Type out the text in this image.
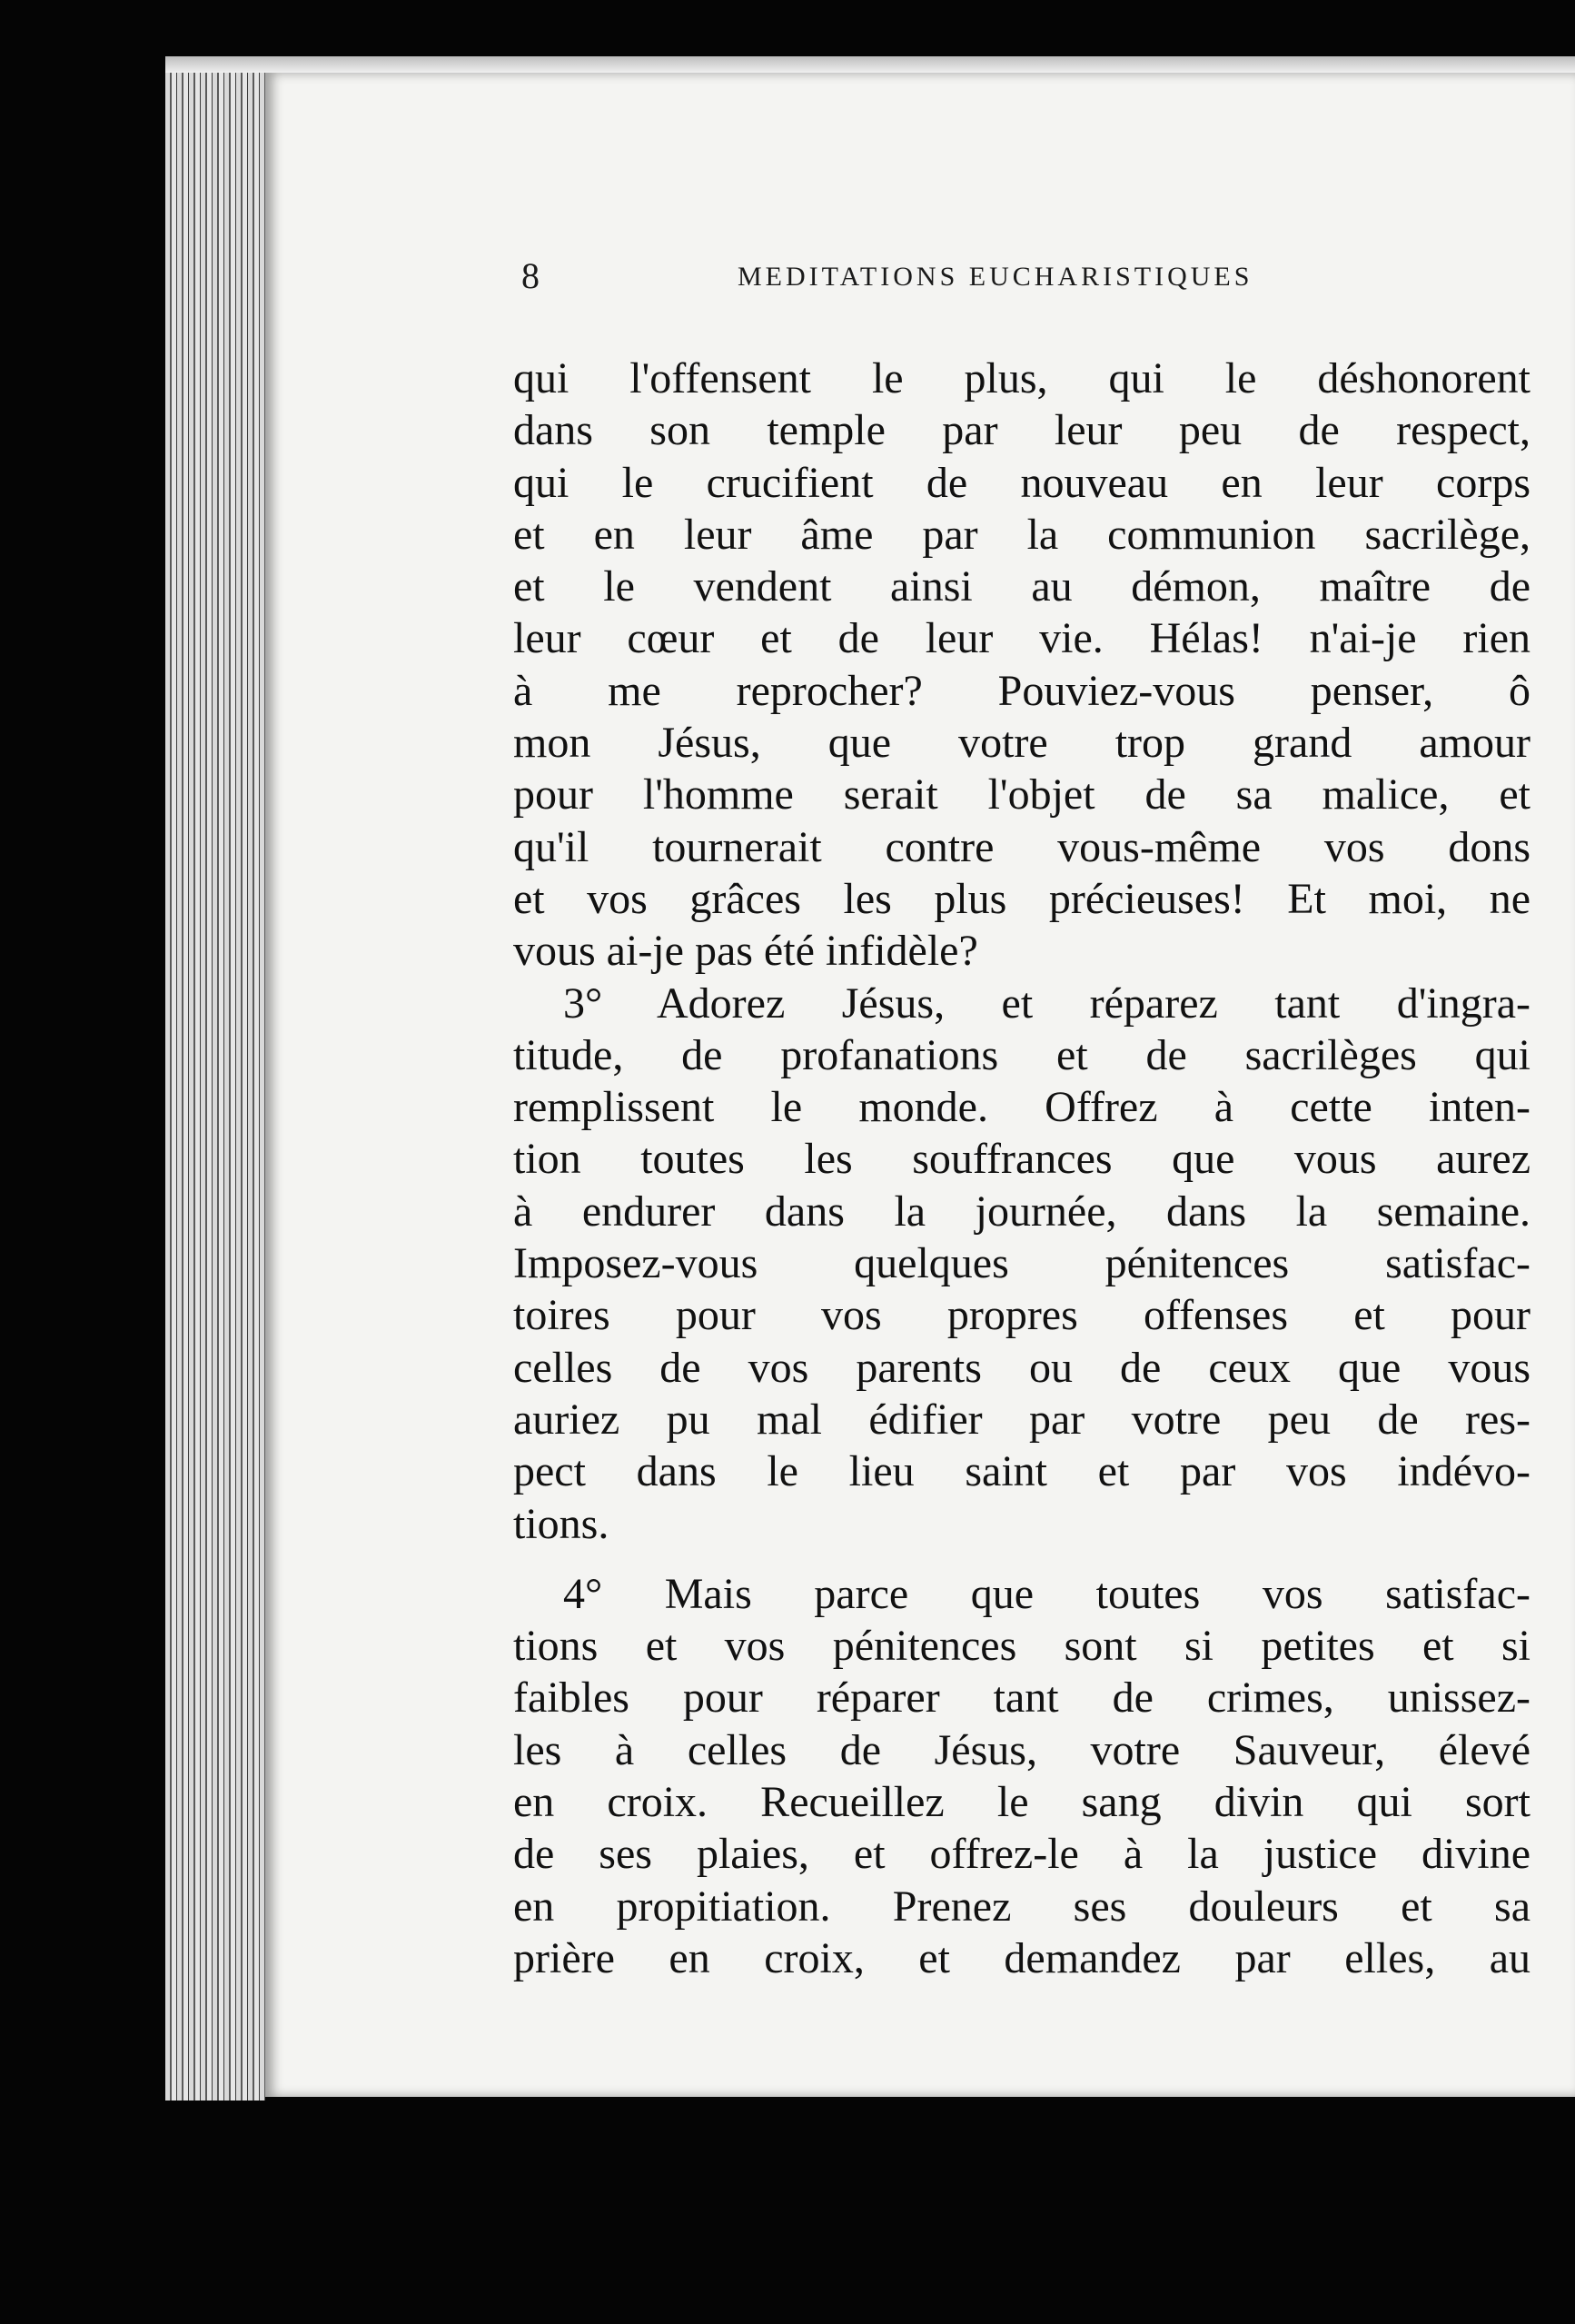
8	MEDITATIONS EUCHARISTIQUES
qui l'offensent le plus, qui le déshonorent
dans son temple par leur peu de respect,
qui le crucifient de nouveau en leur corps
et en leur âme par la communion sacrilège,
et le vendent ainsi au démon, maître de
leur cœur et de leur vie. Hélas! n'ai-je rien
à me reprocher? Pouviez-vous penser, ô
mon Jésus, que votre trop grand amour
pour l'homme serait l'objet de sa malice, et
qu'il tournerait contre vous-même vos dons
et vos grâces les plus précieuses! Et moi, ne
vous ai-je pas été infidèle?
3° Adorez Jésus, et réparez tant d'ingra-
titude, de profanations et de sacrilèges qui
remplissent le monde. Offrez à cette inten-
tion toutes les souffrances que vous aurez
à endurer dans la journée, dans la semaine.
Imposez-vous quelques pénitences satisfac-
toires pour vos propres offenses et pour
celles de vos parents ou de ceux que vous
auriez pu mal édifier par votre peu de res-
pect dans le lieu saint et par vos indévo-
tions.
4° Mais parce que toutes vos satisfac-
tions et vos pénitences sont si petites et si
faibles pour réparer tant de crimes, unissez-
les à celles de Jésus, votre Sauveur, élevé
en croix. Recueillez le sang divin qui sort
de ses plaies, et offrez-le à la justice divine
en propitiation. Prenez ses douleurs et sa
prière en croix, et demandez par elles, au
